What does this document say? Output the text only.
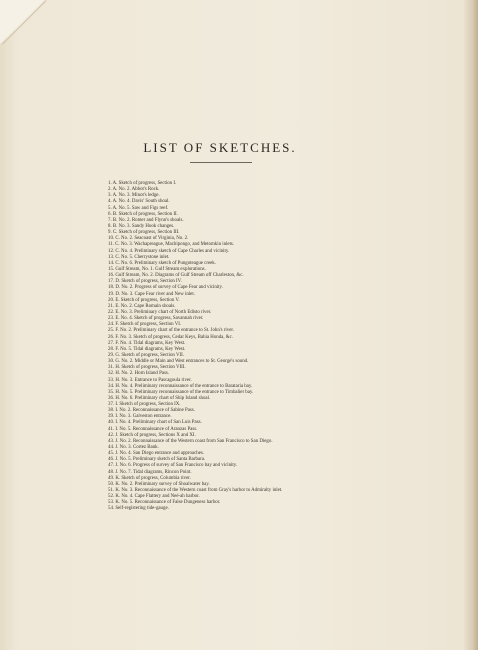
LIST OF SKETCHES.
1. A. Sketch of progress, Section I.
2. A. No. 2. Abbot's Rock.
3. A. No. 3. Minot's ledge.
4. A. No. 4. Davis' South shoal.
5. A. No. 5. Saw and Figs reef.
6. B. Sketch of progress, Section II.
7. B. No. 2. Romer and Flynn's shoals.
8. B. No. 3. Sandy Hook changes.
9. C. Sketch of progress, Section III.
10. C. No. 2. Seacoast of Virginia, No. 2.
11. C. No. 3. Wachapreague, Machipongo, and Metomkin inlets.
12. C. No. 4. Preliminary sketch of Cape Charles and vicinity.
13. C. No. 5. Cherrystone inlet.
14. C. No. 6. Preliminary sketch of Pungoteague creek.
15. Gulf Stream, No. 1. Gulf Stream explorations.
16. Gulf Stream, No. 2. Diagrams of Gulf Stream off Charleston, &c.
17. D. Sketch of progress, Section IV.
18. D. No. 2. Progress of survey of Cape Fear and vicinity.
19. D. No. 3. Cape Fear river and New inlet.
20. E. Sketch of progress, Section V.
21. E. No. 2. Cape Romain shoals.
22. E. No. 3. Preliminary chart of North Edisto river.
23. E. No. 4. Sketch of progress, Savannah river.
24. F. Sketch of progress, Section VI.
25. F. No. 2. Preliminary chart of the entrance to St. John's river.
26. F. No. 3. Sketch of progress, Cedar Keys, Bahia Honda, &c.
27. F. No. 4. Tidal diagrams, Key West.
28. F. No. 5. Tidal diagrams, Key West.
29. G. Sketch of progress, Section VII.
30. G. No. 2. Middle or Main and West entrances to St. George's sound.
31. H. Sketch of progress, Section VIII.
32. H. No. 2. Horn Island Pass.
33. H. No. 3. Entrance to Pascagoula river.
34. H. No. 4. Preliminary reconnaissance of the entrance to Barataria bay.
35. H. No. 5. Preliminary reconnaissance of the entrance to Timbalier bay.
36. H. No. 6. Preliminary chart of Ship Island shoal.
37. I. Sketch of progress, Section IX.
38. I. No. 2. Reconnaissance of Sabine Pass.
39. I. No. 3. Galveston entrance.
40. I. No. 4. Preliminary chart of San Luis Pass.
41. I. No. 5. Reconnaissance of Aranzas Pass.
42. J. Sketch of progress, Sections X and XI.
43. J. No. 2. Reconnaissance of the Western coast from San Francisco to San Diego.
44. J. No. 3. Cortez Bank.
45. J. No. 4. San Diego entrance and approaches.
46. J. No. 5. Preliminary sketch of Santa Barbara.
47. J. No. 6. Progress of survey of San Francisco bay and vicinity.
48. J. No. 7. Tidal diagrams, Rincon Point.
49. K. Sketch of progress, Columbia river.
50. K. No. 2. Preliminary survey of Shoalwater bay.
51. K. No. 3. Reconnaissance of the Western coast from Gray's harbor to Admiralty inlet.
52. K. No. 4. Cape Flattery and Neé-ah harbor.
53. K. No. 5. Reconnaissance of False Dungeness harbor.
54. Self-registering tide-gauge.
